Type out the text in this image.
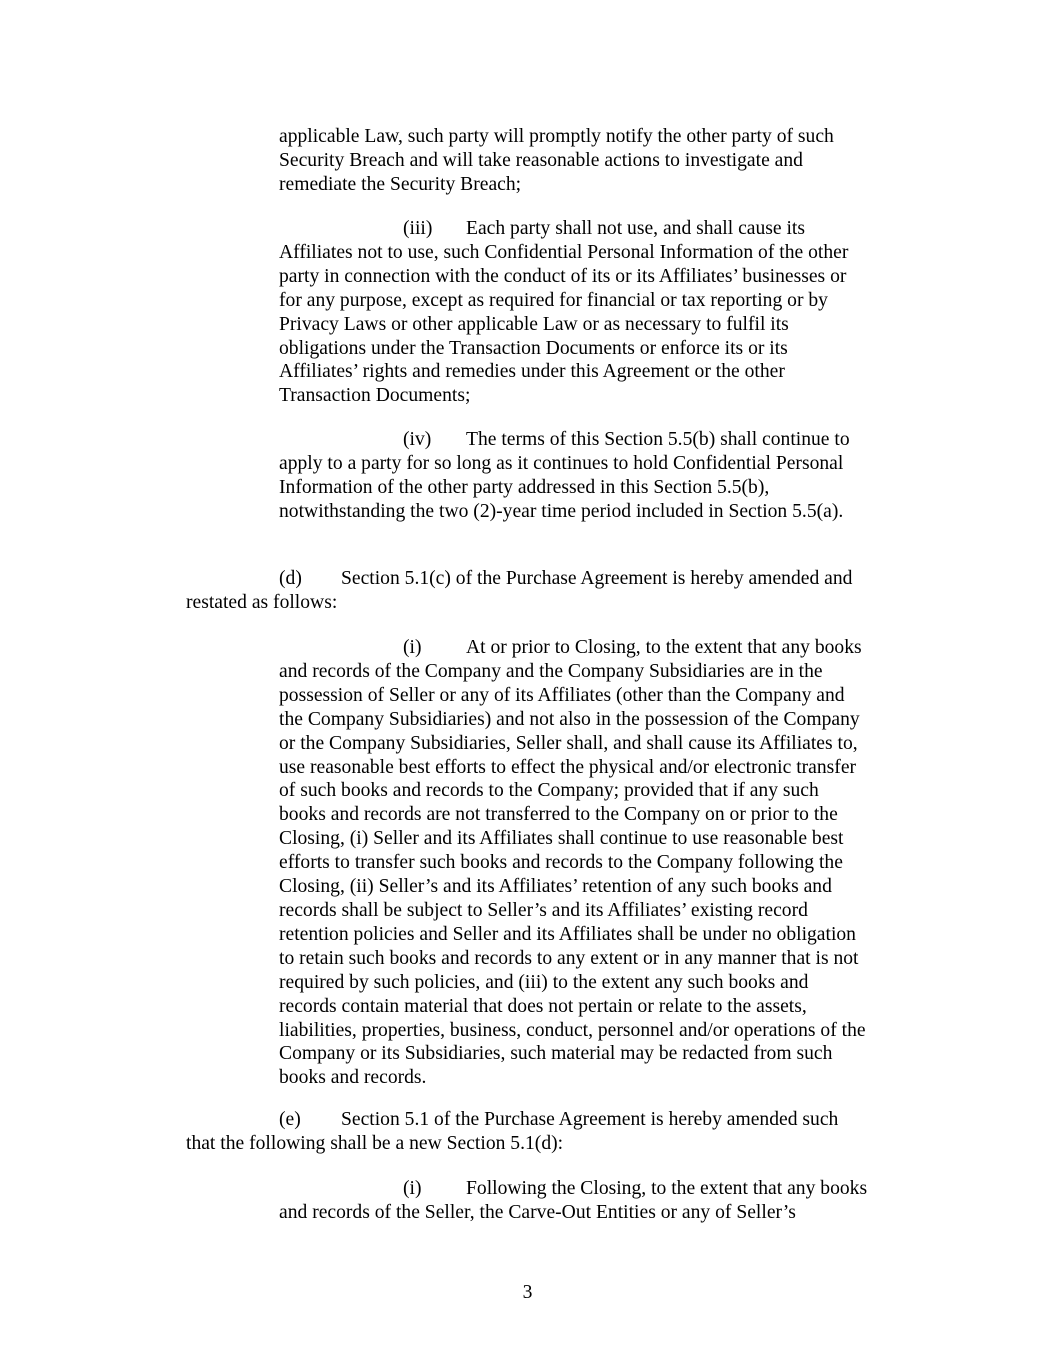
applicable Law, such party will promptly notify the other party of such
Security Breach and will take reasonable actions to investigate and
remediate the Security Breach;
(iii) Each party shall not use, and shall cause its
Affiliates not to use, such Confidential Personal Information of the other
party in connection with the conduct of its or its Affiliates’ businesses or
for any purpose, except as required for financial or tax reporting or by
Privacy Laws or other applicable Law or as necessary to fulfil its
obligations under the Transaction Documents or enforce its or its
Affiliates’ rights and remedies under this Agreement or the other
Transaction Documents;
(iv) The terms of this Section 5.5(b) shall continue to
apply to a party for so long as it continues to hold Confidential Personal
Information of the other party addressed in this Section 5.5(b),
notwithstanding the two (2)-year time period included in Section 5.5(a).
(d) Section 5.1(c) of the Purchase Agreement is hereby amended and
restated as follows:
(i) At or prior to Closing, to the extent that any books
and records of the Company and the Company Subsidiaries are in the
possession of Seller or any of its Affiliates (other than the Company and
the Company Subsidiaries) and not also in the possession of the Company
or the Company Subsidiaries, Seller shall, and shall cause its Affiliates to,
use reasonable best efforts to effect the physical and/or electronic transfer
of such books and records to the Company; provided that if any such
books and records are not transferred to the Company on or prior to the
Closing, (i) Seller and its Affiliates shall continue to use reasonable best
efforts to transfer such books and records to the Company following the
Closing, (ii) Seller’s and its Affiliates’ retention of any such books and
records shall be subject to Seller’s and its Affiliates’ existing record
retention policies and Seller and its Affiliates shall be under no obligation
to retain such books and records to any extent or in any manner that is not
required by such policies, and (iii) to the extent any such books and
records contain material that does not pertain or relate to the assets,
liabilities, properties, business, conduct, personnel and/or operations of the
Company or its Subsidiaries, such material may be redacted from such
books and records.
(e) Section 5.1 of the Purchase Agreement is hereby amended such
that the following shall be a new Section 5.1(d):
(i) Following the Closing, to the extent that any books
and records of the Seller, the Carve-Out Entities or any of Seller’s
3
